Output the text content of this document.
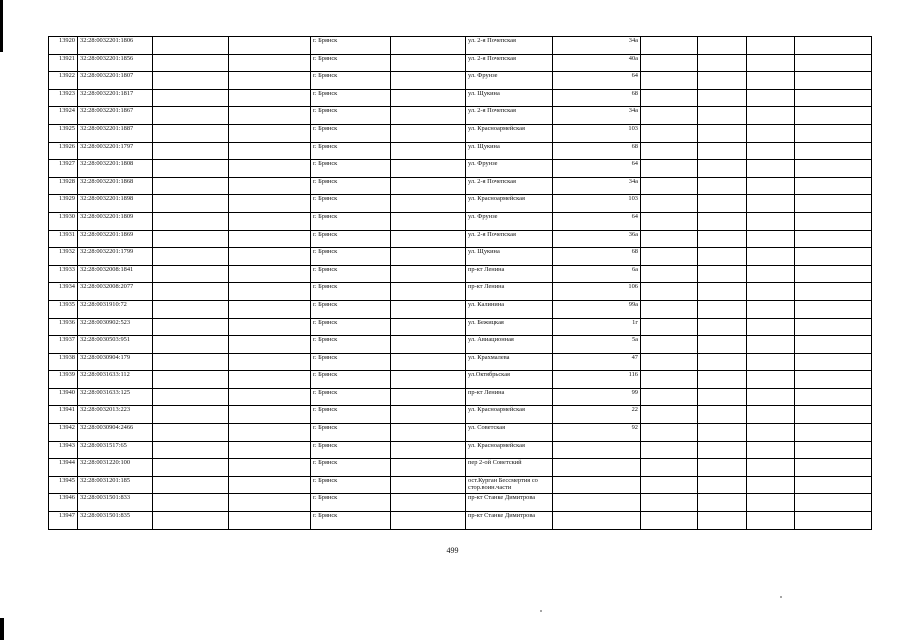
13920	32:28:0032201:1806			г. Брянск		ул. 2-я Почепская	34а				
13921	32:28:0032201:1856			г. Брянск		ул. 2-я Почепская	40а				
13922	32:28:0032201:1807			г. Брянск		ул. Фрунзе	64				
13923	32:28:0032201:1817			г. Брянск		ул. Щукина	68				
13924	32:28:0032201:1867			г. Брянск		ул. 2-я Почепская	34а				
13925	32:28:0032201:1887			г. Брянск		ул. Красноармейская	103				
13926	32:28:0032201:1797			г. Брянск		ул. Щукина	68				
13927	32:28:0032201:1808			г. Брянск		ул. Фрунзе	64				
13928	32:28:0032201:1868			г. Брянск		ул. 2-я Почепская	34а				
13929	32:28:0032201:1898			г. Брянск		ул. Красноармейская	103				
13930	32:28:0032201:1809			г. Брянск		ул. Фрунзе	64				
13931	32:28:0032201:1869			г. Брянск		ул. 2-я Почепская	36а				
13932	32:28:0032201:1799			г. Брянск		ул. Щукина	68				
13933	32:28:0032008:1841			г. Брянск		пр-кт Ленина	6а				
13934	32:28:0032008:2077			г. Брянск		пр-кт Ленина	106				
13935	32:28:0031910:72			г. Брянск		ул. Калинина	99а				
13936	32:28:0030902:523			г. Брянск		ул. Бежицкая	1г				
13937	32:28:0030503:951			г. Брянск		ул. Авиационная	5а				
13938	32:28:0030904:179			г. Брянск		ул. Крахмалева	47				
13939	32:28:0031633:112			г. Брянск		ул.Октябрьская	116				
13940	32:28:0031633:125			г. Брянск		пр-кт Ленина	99				
13941	32:28:0032013:223			г. Брянск		ул. Красноармейская	22				
13942	32:28:0030904:2466			г. Брянск		ул. Советская	92				
13943	32:28:0031517:65			г. Брянск		ул. Красноармейская					
13944	32:28:0031220:100			г. Брянск		пер 2-ой Советский					
13945	32:28:0031201:185			г. Брянск		ост.Курган Бессмертия со стор.воин.части					
13946	32:28:0031501:833			г. Брянск		пр-кт Станке Димитрова					
13947	32:28:0031501:835			г. Брянск		пр-кт Станке Димитрова					
499
